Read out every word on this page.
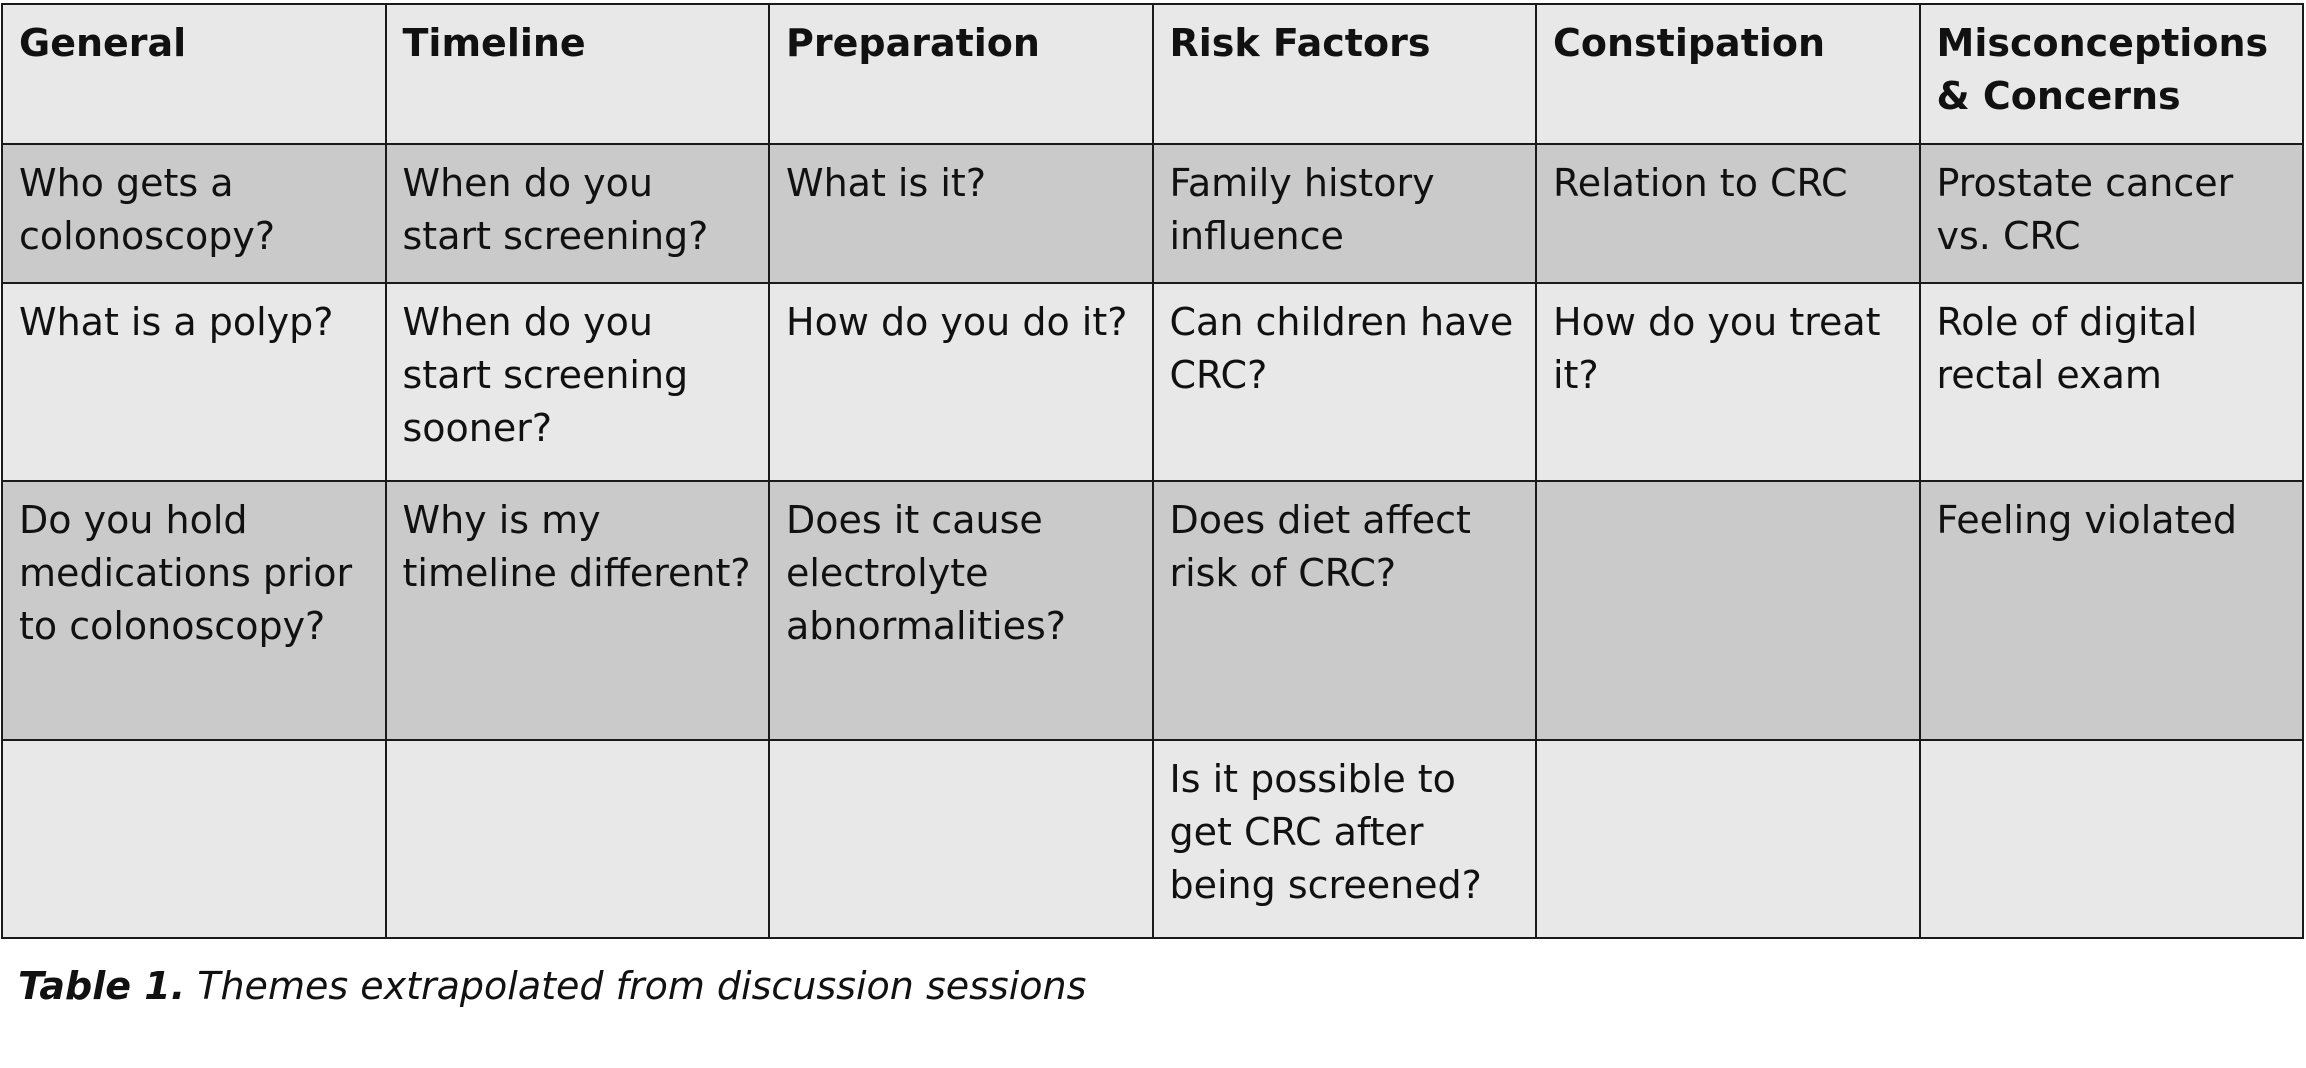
General	Timeline	Preparation	Risk Factors	Constipation	Misconceptions & Concerns
Who gets a colonoscopy?	When do you start screening?	What is it?	Family history influence	Relation to CRC	Prostate cancer vs. CRC
What is a polyp?	When do you start screening sooner?	How do you do it?	Can children have CRC?	How do you treat it?	Role of digital rectal exam
Do you hold medications prior to colonoscopy?	Why is my timeline different?	Does it cause electrolyte abnormalities?	Does diet affect risk of CRC?		Feeling violated
			Is it possible to get CRC after being screened?		
Table 1. Themes extrapolated from discussion sessions
